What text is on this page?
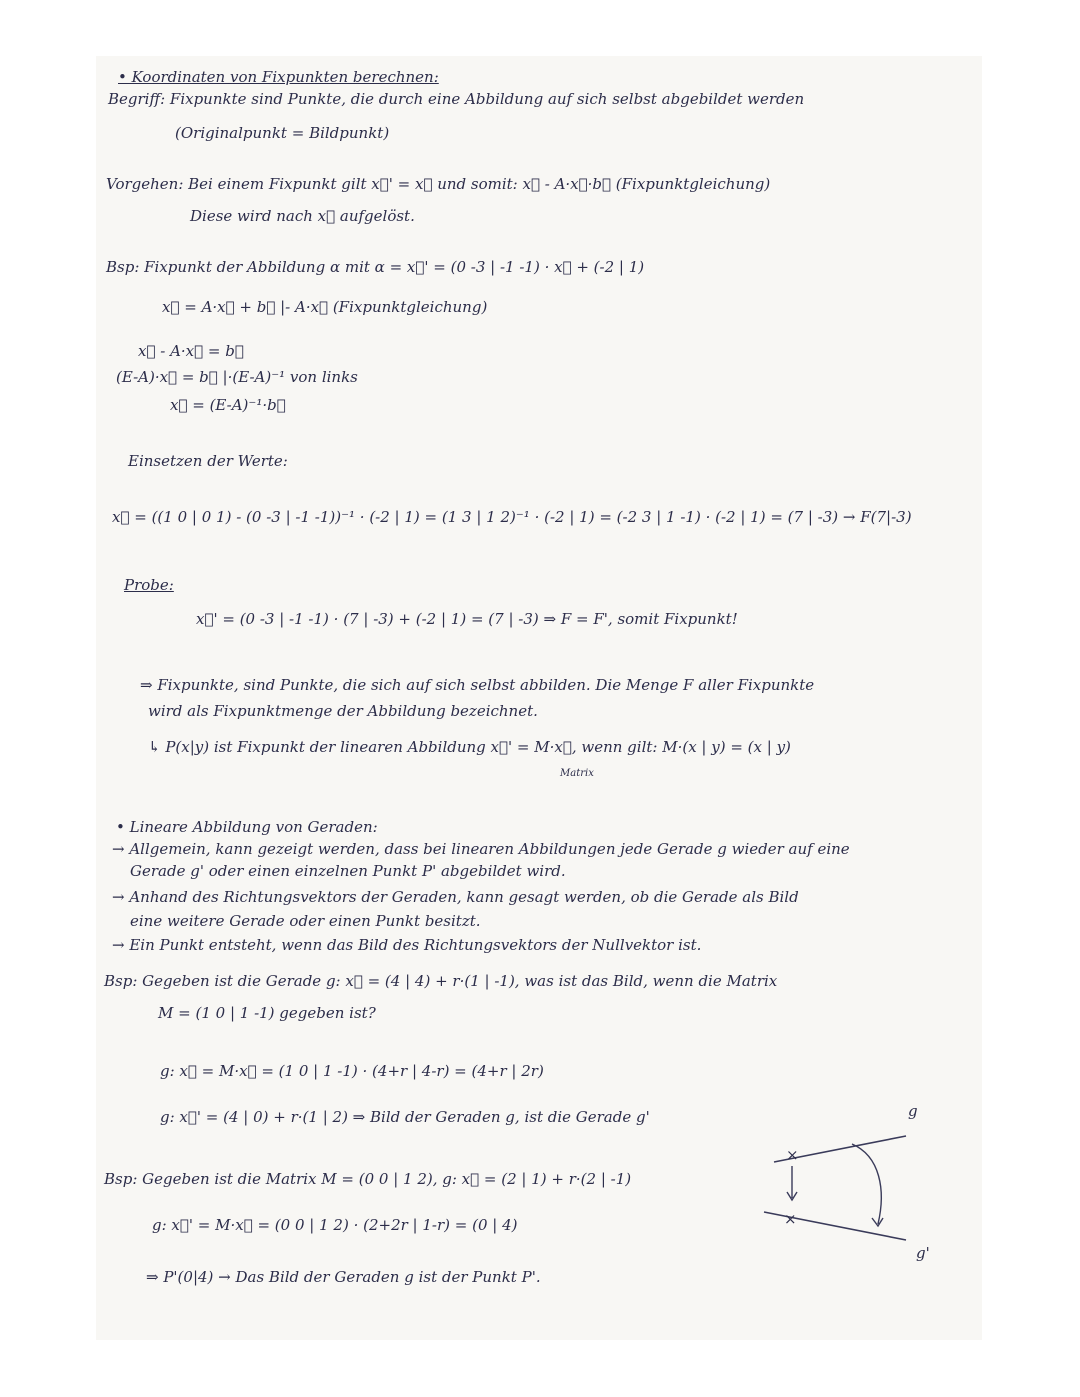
• Koordinaten von Fixpunkten berechnen:
Begriff: Fixpunkte sind Punkte, die durch eine Abbildung auf sich selbst abgebildet werden
(Originalpunkt = Bildpunkt)
Vorgehen: Bei einem Fixpunkt gilt x⃗' = x⃗ und somit: x⃗ - A·x⃗·b⃗ (Fixpunktgleichung)
Diese wird nach x⃗ aufgelöst.
Bsp: Fixpunkt der Abbildung α mit α = x⃗' = (0 -3 | -1 -1) · x⃗ + (-2 | 1)
x⃗ = A·x⃗ + b⃗ |- A·x⃗ (Fixpunktgleichung)
x⃗ - A·x⃗ = b⃗
(E-A)·x⃗ = b⃗ |·(E-A)⁻¹ von links
x⃗ = (E-A)⁻¹·b⃗
Einsetzen der Werte:
x⃗ = ((1 0 | 0 1) - (0 -3 | -1 -1))⁻¹ · (-2 | 1) = (1 3 | 1 2)⁻¹ · (-2 | 1) = (-2 3 | 1 -1) · (-2 | 1) = (7 | -3) → F(7|-3)
Probe:
x⃗' = (0 -3 | -1 -1) · (7 | -3) + (-2 | 1) = (7 | -3) ⇒ F = F', somit Fixpunkt!
⇒ Fixpunkte, sind Punkte, die sich auf sich selbst abbilden. Die Menge F aller Fixpunkte
wird als Fixpunktmenge der Abbildung bezeichnet.
↳ P(x|y) ist Fixpunkt der linearen Abbildung x⃗' = M·x⃗, wenn gilt: M·(x | y) = (x | y)
Matrix
• Lineare Abbildung von Geraden:
→ Allgemein, kann gezeigt werden, dass bei linearen Abbildungen jede Gerade g wieder auf eine
Gerade g' oder einen einzelnen Punkt P' abgebildet wird.
→ Anhand des Richtungsvektors der Geraden, kann gesagt werden, ob die Gerade als Bild
eine weitere Gerade oder einen Punkt besitzt.
→ Ein Punkt entsteht, wenn das Bild des Richtungsvektors der Nullvektor ist.
Bsp: Gegeben ist die Gerade g: x⃗ = (4 | 4) + r·(1 | -1), was ist das Bild, wenn die Matrix
M = (1 0 | 1 -1) gegeben ist?
g: x⃗ = M·x⃗ = (1 0 | 1 -1) · (4+r | 4-r) = (4+r | 2r)
g: x⃗' = (4 | 0) + r·(1 | 2) ⇒ Bild der Geraden g, ist die Gerade g'
Bsp: Gegeben ist die Matrix M = (0 0 | 1 2), g: x⃗ = (2 | 1) + r·(2 | -1)
g: x⃗' = M·x⃗ = (0 0 | 1 2) · (2+2r | 1-r) = (0 | 4)
⇒ P'(0|4) → Das Bild der Geraden g ist der Punkt P'.
×
×
g
g'
